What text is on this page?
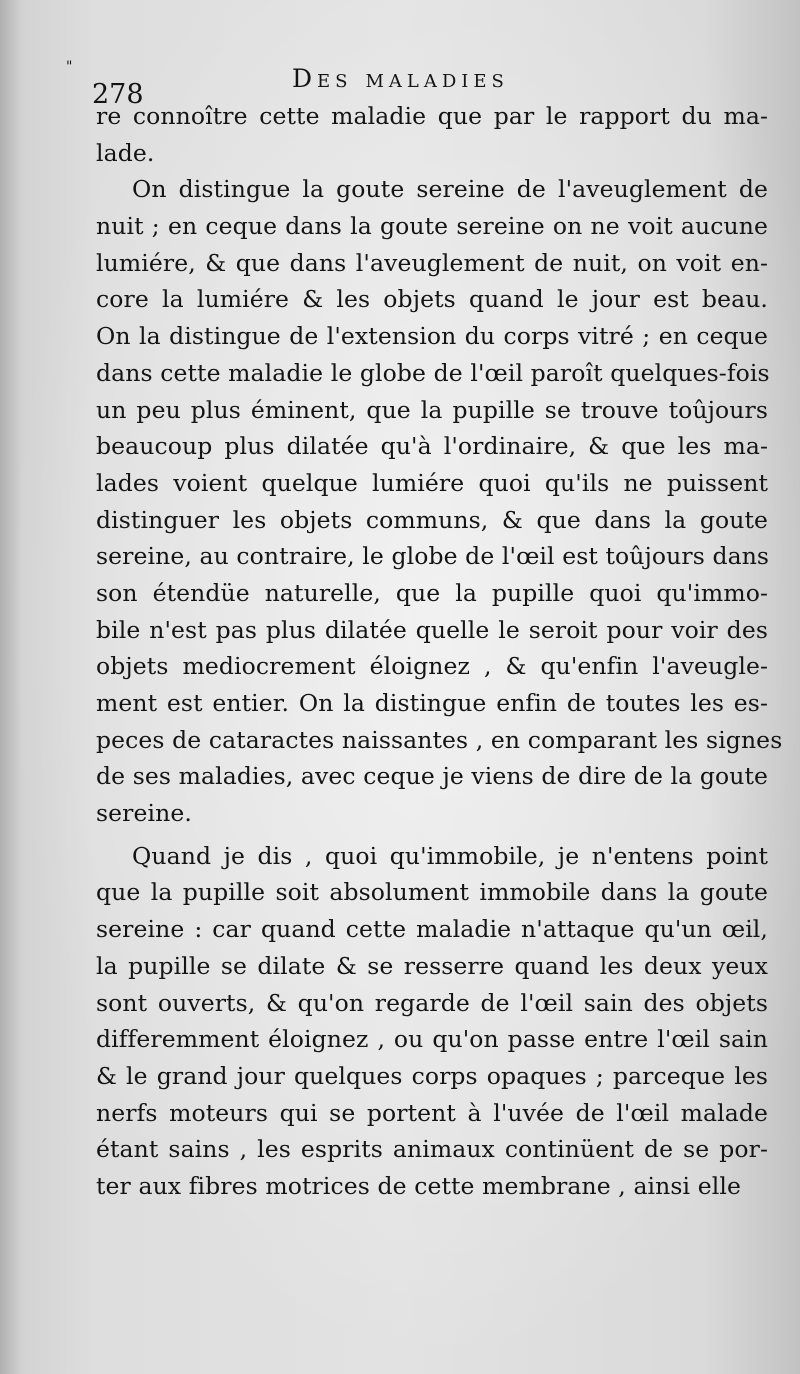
"
278
Des maladies
re connoître cette maladie que par le rapport du ma-
lade.
On distingue la goute sereine de l'aveuglement de
nuit ; en ceque dans la goute sereine on ne voit aucune
lumiére, & que dans l'aveuglement de nuit, on voit en-
core la lumiére & les objets quand le jour est beau.
On la distingue de l'extension du corps vitré ; en ceque
dans cette maladie le globe de l'œil paroît quelques-fois
un peu plus éminent, que la pupille se trouve toûjours
beaucoup plus dilatée qu'à l'ordinaire, & que les ma-
lades voient quelque lumiére quoi qu'ils ne puissent
distinguer les objets communs, & que dans la goute
sereine, au contraire, le globe de l'œil est toûjours dans
son étendüe naturelle, que la pupille quoi qu'immo-
bile n'est pas plus dilatée quelle le seroit pour voir des
objets mediocrement éloignez , & qu'enfin l'aveugle-
ment est entier. On la distingue enfin de toutes les es-
peces de cataractes naissantes , en comparant les signes
de ses maladies, avec ceque je viens de dire de la goute
sereine.
Quand je dis , quoi qu'immobile, je n'entens point
que la pupille soit absolument immobile dans la goute
sereine : car quand cette maladie n'attaque qu'un œil,
la pupille se dilate & se resserre quand les deux yeux
sont ouverts, & qu'on regarde de l'œil sain des objets
differemment éloignez , ou qu'on passe entre l'œil sain
& le grand jour quelques corps opaques ; parceque les
nerfs moteurs qui se portent à l'uvée de l'œil malade
étant sains , les esprits animaux continüent de se por-
ter aux fibres motrices de cette membrane , ainsi elle
